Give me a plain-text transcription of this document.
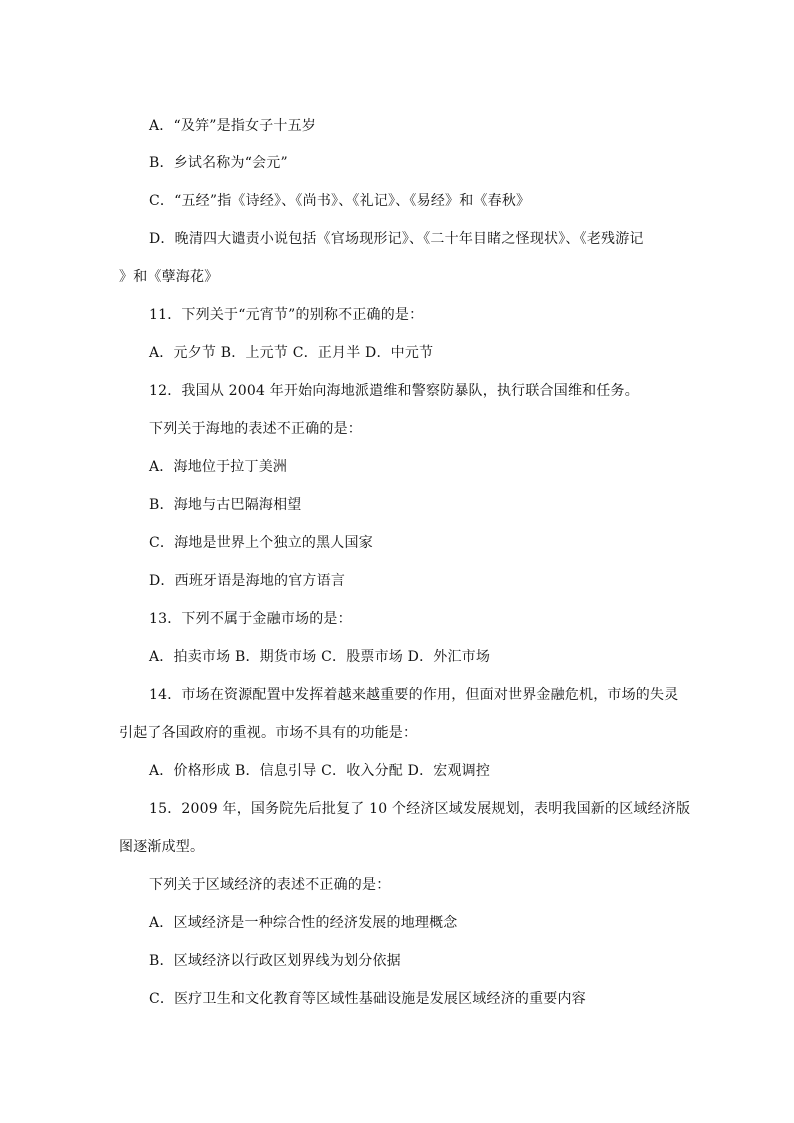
A．“及笄”是指女子十五岁
B．乡试名称为“会元”
C．“五经”指《诗经》、《尚书》、《礼记》、《易经》和《春秋》
D．晚清四大谴责小说包括《官场现形记》、《二十年目睹之怪现状》、《老残游记
》和《孽海花》
11．下列关于“元宵节”的别称不正确的是：
A．元夕节 B．上元节 C．正月半 D．中元节
12．我国从 2004 年开始向海地派遣维和警察防暴队，执行联合国维和任务。
下列关于海地的表述不正确的是：
A．海地位于拉丁美洲
B．海地与古巴隔海相望
C．海地是世界上个独立的黑人国家
D．西班牙语是海地的官方语言
13．下列不属于金融市场的是：
A．拍卖市场 B．期货市场 C．股票市场 D．外汇市场
14．市场在资源配置中发挥着越来越重要的作用，但面对世界金融危机，市场的失灵
引起了各国政府的重视。市场不具有的功能是：
A．价格形成 B．信息引导 C．收入分配 D．宏观调控
15．2009 年，国务院先后批复了 10 个经济区域发展规划，表明我国新的区域经济版
图逐渐成型。
下列关于区域经济的表述不正确的是：
A．区域经济是一种综合性的经济发展的地理概念
B．区域经济以行政区划界线为划分依据
C．医疗卫生和文化教育等区域性基础设施是发展区域经济的重要内容
